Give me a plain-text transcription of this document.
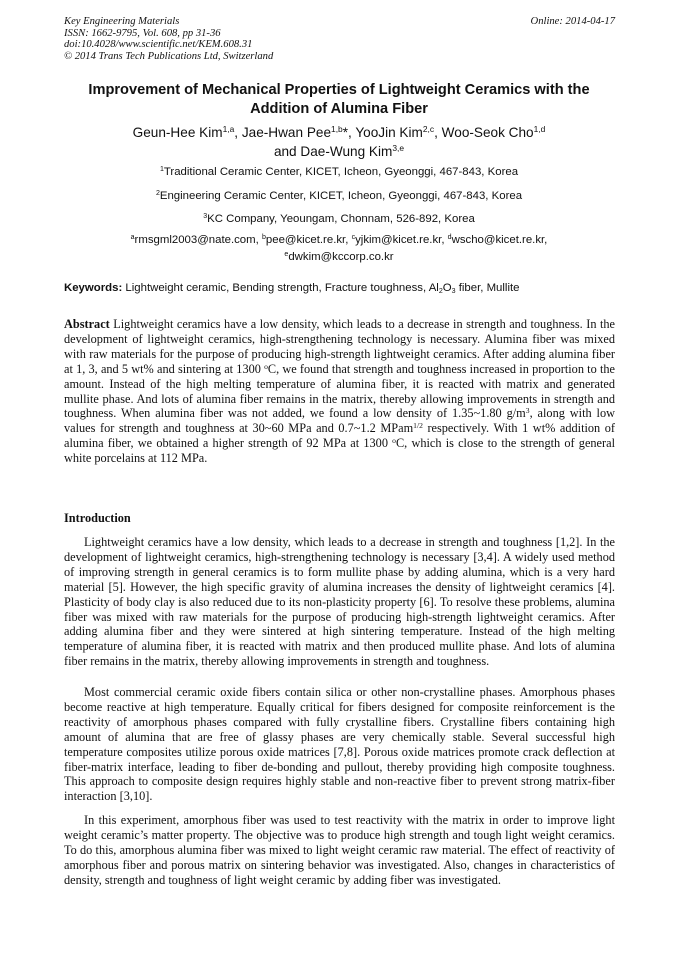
Key Engineering Materials
ISSN: 1662-9795, Vol. 608, pp 31-36
doi:10.4028/www.scientific.net/KEM.608.31
© 2014 Trans Tech Publications Ltd, Switzerland
Online: 2014-04-17
Improvement of Mechanical Properties of Lightweight Ceramics with the
Addition of Alumina Fiber
Geun-Hee Kim$^{1,a}$, Jae-Hwan Pee$^{1,b}$*, YooJin Kim$^{2,c}$, Woo-Seok Cho$^{1,d}$
and Dae-Wung Kim$^{3,e}$
$^1$Traditional Ceramic Center, KICET, Icheon, Gyeonggi, 467-843, Korea
$^2$Engineering Ceramic Center, KICET, Icheon, Gyeonggi, 467-843, Korea
$^3$KC Company, Yeoungam, Chonnam, 526-892, Korea
$^a$rmsgml2003@nate.com, $^b$pee@kicet.re.kr, $^c$yjkim@kicet.re.kr, $^d$wscho@kicet.re.kr,
$^e$dwkim@kccorp.co.kr
Keywords: Lightweight ceramic, Bending strength, Fracture toughness, $Al_2O_3$ fiber, Mullite
Abstract Lightweight ceramics have a low density, which leads to a decrease in strength and toughness. In the development of lightweight ceramics, high-strengthening technology is necessary. Alumina fiber was mixed with raw materials for the purpose of producing high-strength lightweight ceramics. After adding alumina fiber at 1, 3, and 5 wt% and sintering at 1300 $^o$C, we found that strength and toughness increased in proportion to the amount. Instead of the high melting temperature of alumina fiber, it is reacted with matrix and generated mullite phase. And lots of alumina fiber remains in the matrix, thereby allowing improvements in strength and toughness. When alumina fiber was not added, we found a low density of 1.35~1.80 $g/m^3$, along with low values for strength and toughness at 30~60 MPa and 0.7~1.2 MPam$^{1/2}$ respectively. With 1 wt% addition of alumina fiber, we obtained a higher strength of 92 MPa at 1300 $^o$C, which is close to the strength of general white porcelains at 112 MPa.
Introduction
Lightweight ceramics have a low density, which leads to a decrease in strength and toughness [1,2]. In the development of lightweight ceramics, high-strengthening technology is necessary [3,4]. A widely used method of improving strength in general ceramics is to form mullite phase by adding alumina, which is a very hard material [5]. However, the high specific gravity of alumina increases the density of lightweight ceramics [4]. Plasticity of body clay is also reduced due to its non-plasticity property [6]. To resolve these problems, alumina fiber was mixed with raw materials for the purpose of producing high-strength lightweight ceramics. After adding alumina fiber and they were sintered at high sintering temperature. Instead of the high melting temperature of alumina fiber, it is reacted with matrix and then produced mullite phase. And lots of alumina fiber remains in the matrix, thereby allowing improvements in strength and toughness.
Most commercial ceramic oxide fibers contain silica or other non-crystalline phases. Amorphous phases become reactive at high temperature. Equally critical for fibers designed for composite reinforcement is the reactivity of amorphous phases compared with fully crystalline fibers. Crystalline fibers containing high amount of alumina that are free of glassy phases are very chemically stable. Several successful high temperature composites utilize porous oxide matrices [7,8]. Porous oxide matrices promote crack deflection at fiber-matrix interface, leading to fiber de-bonding and pullout, thereby providing high composite toughness. This approach to composite design requires highly stable and non-reactive fiber to prevent strong matrix-fiber interaction [3,10].
In this experiment, amorphous fiber was used to test reactivity with the matrix in order to improve light weight ceramic’s matter property. The objective was to produce high strength and tough light weight ceramics. To do this, amorphous alumina fiber was mixed to light weight ceramic raw material. The effect of reactivity of amorphous fiber and porous matrix on sintering behavior was investigated. Also, changes in characteristics of density, strength and toughness of light weight ceramic by adding fiber was investigated.
